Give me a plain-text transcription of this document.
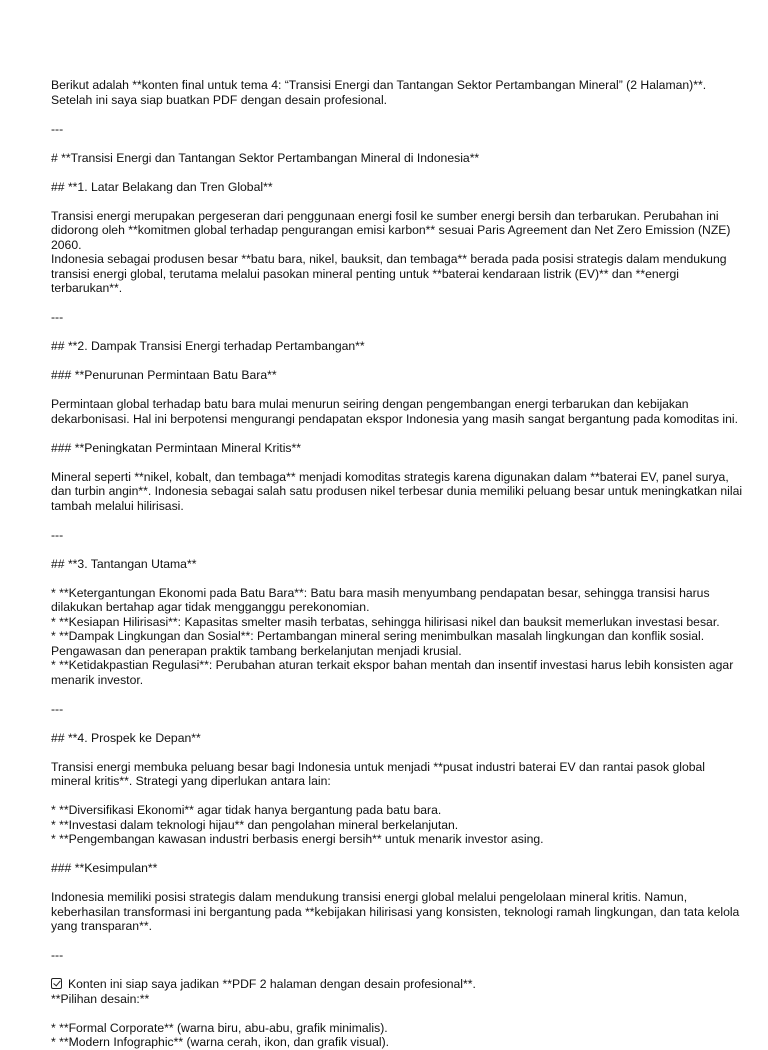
Berikut adalah **konten final untuk tema 4: “Transisi Energi dan Tantangan Sektor Pertambangan Mineral” (2 Halaman)**.

Setelah ini saya siap buatkan PDF dengan desain profesional.

---

# **Transisi Energi dan Tantangan Sektor Pertambangan Mineral di Indonesia**

## **1. Latar Belakang dan Tren Global**

Transisi energi merupakan pergeseran dari penggunaan energi fosil ke sumber energi bersih dan terbarukan. Perubahan ini

didorong oleh **komitmen global terhadap pengurangan emisi karbon** sesuai Paris Agreement dan Net Zero Emission (NZE)

2060.

Indonesia sebagai produsen besar **batu bara, nikel, bauksit, dan tembaga** berada pada posisi strategis dalam mendukung

transisi energi global, terutama melalui pasokan mineral penting untuk **baterai kendaraan listrik (EV)** dan **energi

terbarukan**.

---

## **2. Dampak Transisi Energi terhadap Pertambangan**

### **Penurunan Permintaan Batu Bara**

Permintaan global terhadap batu bara mulai menurun seiring dengan pengembangan energi terbarukan dan kebijakan

dekarbonisasi. Hal ini berpotensi mengurangi pendapatan ekspor Indonesia yang masih sangat bergantung pada komoditas ini.

### **Peningkatan Permintaan Mineral Kritis**

Mineral seperti **nikel, kobalt, dan tembaga** menjadi komoditas strategis karena digunakan dalam **baterai EV, panel surya,

dan turbin angin**. Indonesia sebagai salah satu produsen nikel terbesar dunia memiliki peluang besar untuk meningkatkan nilai

tambah melalui hilirisasi.

---

## **3. Tantangan Utama**

* **Ketergantungan Ekonomi pada Batu Bara**: Batu bara masih menyumbang pendapatan besar, sehingga transisi harus

dilakukan bertahap agar tidak mengganggu perekonomian.

* **Kesiapan Hilirisasi**: Kapasitas smelter masih terbatas, sehingga hilirisasi nikel dan bauksit memerlukan investasi besar.

* **Dampak Lingkungan dan Sosial**: Pertambangan mineral sering menimbulkan masalah lingkungan dan konflik sosial.

Pengawasan dan penerapan praktik tambang berkelanjutan menjadi krusial.

* **Ketidakpastian Regulasi**: Perubahan aturan terkait ekspor bahan mentah dan insentif investasi harus lebih konsisten agar

menarik investor.

---

## **4. Prospek ke Depan**

Transisi energi membuka peluang besar bagi Indonesia untuk menjadi **pusat industri baterai EV dan rantai pasok global

mineral kritis**. Strategi yang diperlukan antara lain:

* **Diversifikasi Ekonomi** agar tidak hanya bergantung pada batu bara.

* **Investasi dalam teknologi hijau** dan pengolahan mineral berkelanjutan.

* **Pengembangan kawasan industri berbasis energi bersih** untuk menarik investor asing.

### **Kesimpulan**

Indonesia memiliki posisi strategis dalam mendukung transisi energi global melalui pengelolaan mineral kritis. Namun,

keberhasilan transformasi ini bergantung pada **kebijakan hilirisasi yang konsisten, teknologi ramah lingkungan, dan tata kelola

yang transparan**.

---

Konten ini siap saya jadikan **PDF 2 halaman dengan desain profesional**.

**Pilihan desain:**

* **Formal Corporate** (warna biru, abu-abu, grafik minimalis).

* **Modern Infographic** (warna cerah, ikon, dan grafik visual).
